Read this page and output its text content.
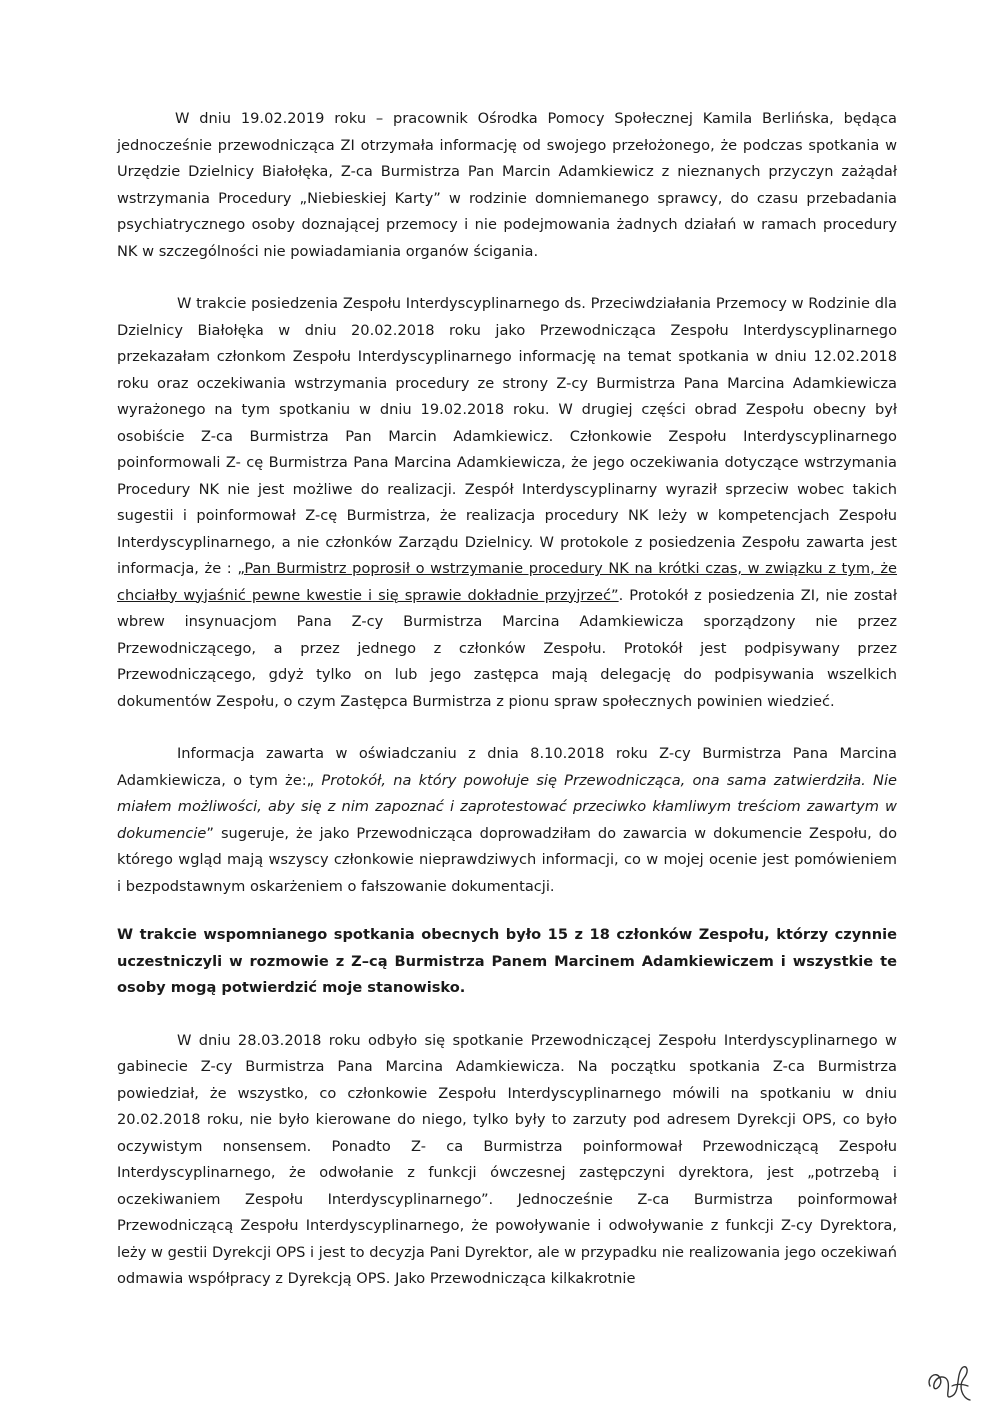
W dniu 19.02.2019 roku – pracownik Ośrodka Pomocy Społecznej Kamila Berlińska, będąca jednocześnie przewodnicząca ZI otrzymała informację od swojego przełożonego, że podczas spotkania w Urzędzie Dzielnicy Białołęka, Z-ca Burmistrza Pan Marcin Adamkiewicz z nieznanych przyczyn zażądał wstrzymania Procedury „Niebieskiej Karty” w rodzinie domniemanego sprawcy, do czasu przebadania psychiatrycznego osoby doznającej przemocy i nie podejmowania żadnych działań w ramach procedury NK w szczególności nie powiadamiania organów ścigania.

W trakcie posiedzenia Zespołu Interdyscyplinarnego ds. Przeciwdziałania Przemocy w Rodzinie dla Dzielnicy Białołęka w dniu 20.02.2018 roku jako Przewodnicząca Zespołu Interdyscyplinarnego przekazałam członkom Zespołu Interdyscyplinarnego informację na temat spotkania w dniu 12.02.2018 roku oraz oczekiwania wstrzymania procedury ze strony Z-cy Burmistrza Pana Marcina Adamkiewicza wyrażonego na tym spotkaniu w dniu 19.02.2018 roku. W drugiej części obrad Zespołu obecny był osobiście Z-ca Burmistrza Pan Marcin Adamkiewicz. Członkowie Zespołu Interdyscyplinarnego poinformowali Z- cę Burmistrza Pana Marcina Adamkiewicza, że jego oczekiwania dotyczące wstrzymania Procedury NK nie jest możliwe do realizacji. Zespół Interdyscyplinarny wyraził sprzeciw wobec takich sugestii i poinformował Z-cę Burmistrza, że realizacja procedury NK leży w kompetencjach Zespołu Interdyscyplinarnego, a nie członków Zarządu Dzielnicy. W protokole z posiedzenia Zespołu zawarta jest informacja, że : „Pan Burmistrz poprosił o wstrzymanie procedury NK na krótki czas, w związku z tym, że chciałby wyjaśnić pewne kwestie i się sprawie dokładnie przyjrzeć”. Protokół z posiedzenia ZI, nie został wbrew insynuacjom Pana Z-cy Burmistrza Marcina Adamkiewicza sporządzony nie przez Przewodniczącego, a przez jednego z członków Zespołu. Protokół jest podpisywany przez Przewodniczącego, gdyż tylko on lub jego zastępca mają delegację do podpisywania wszelkich dokumentów Zespołu, o czym Zastępca Burmistrza z pionu spraw społecznych powinien wiedzieć.

Informacja zawarta w oświadczaniu z dnia 8.10.2018 roku Z-cy Burmistrza Pana Marcina Adamkiewicza, o tym że:„ Protokół, na który powołuje się Przewodnicząca, ona sama zatwierdziła. Nie miałem możliwości, aby się z nim zapoznać i zaprotestować przeciwko kłamliwym treściom zawartym w dokumencie” sugeruje, że jako Przewodnicząca doprowadziłam do zawarcia w dokumencie Zespołu, do którego wgląd mają wszyscy członkowie nieprawdziwych informacji, co w mojej ocenie jest pomówieniem i bezpodstawnym oskarżeniem o fałszowanie dokumentacji.

W trakcie wspomnianego spotkania obecnych było 15 z 18 członków Zespołu, którzy czynnie uczestniczyli w rozmowie z Z–cą Burmistrza Panem Marcinem Adamkiewiczem i wszystkie te osoby mogą potwierdzić moje stanowisko.

W dniu 28.03.2018 roku odbyło się spotkanie Przewodniczącej Zespołu Interdyscyplinarnego w gabinecie Z-cy Burmistrza Pana Marcina Adamkiewicza. Na początku spotkania Z-ca Burmistrza powiedział, że wszystko, co członkowie Zespołu Interdyscyplinarnego mówili na spotkaniu w dniu 20.02.2018 roku, nie było kierowane do niego, tylko były to zarzuty pod adresem Dyrekcji OPS, co było oczywistym nonsensem. Ponadto Z- ca Burmistrza poinformował Przewodniczącą Zespołu Interdyscyplinarnego, że odwołanie z funkcji ówczesnej zastępczyni dyrektora, jest „potrzebą i oczekiwaniem Zespołu Interdyscyplinarnego”. Jednocześnie Z-ca Burmistrza poinformował Przewodniczącą Zespołu Interdyscyplinarnego, że powoływanie i odwoływanie z funkcji Z-cy Dyrektora, leży w gestii Dyrekcji OPS i jest to decyzja Pani Dyrektor, ale w przypadku nie realizowania jego oczekiwań odmawia współpracy z Dyrekcją OPS. Jako Przewodnicząca kilkakrotnie
